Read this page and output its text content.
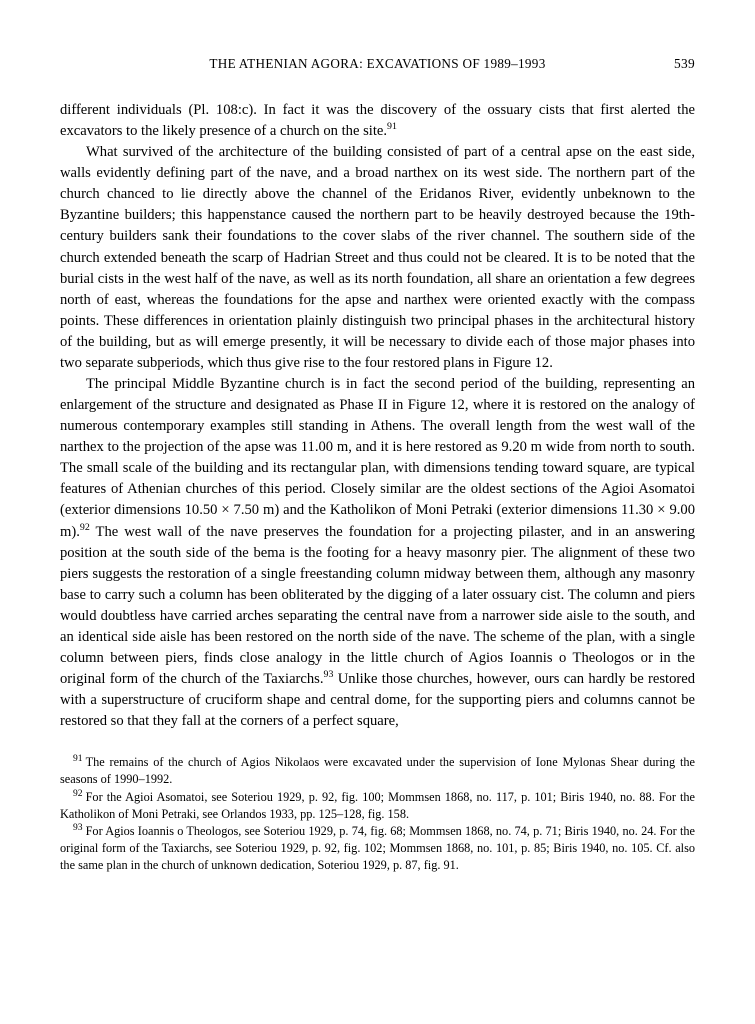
THE ATHENIAN AGORA: EXCAVATIONS OF 1989–1993	539

different individuals (Pl. 108:c). In fact it was the discovery of the ossuary cists that first alerted the excavators to the likely presence of a church on the site.$^{91}$

What survived of the architecture of the building consisted of part of a central apse on the east side, walls evidently defining part of the nave, and a broad narthex on its west side. The northern part of the church chanced to lie directly above the channel of the Eridanos River, evidently unbeknown to the Byzantine builders; this happenstance caused the northern part to be heavily destroyed because the 19th-century builders sank their foundations to the cover slabs of the river channel. The southern side of the church extended beneath the scarp of Hadrian Street and thus could not be cleared. It is to be noted that the burial cists in the west half of the nave, as well as its north foundation, all share an orientation a few degrees north of east, whereas the foundations for the apse and narthex were oriented exactly with the compass points. These differences in orientation plainly distinguish two principal phases in the architectural history of the building, but as will emerge presently, it will be necessary to divide each of those major phases into two separate subperiods, which thus give rise to the four restored plans in Figure 12.

The principal Middle Byzantine church is in fact the second period of the building, representing an enlargement of the structure and designated as Phase II in Figure 12, where it is restored on the analogy of numerous contemporary examples still standing in Athens. The overall length from the west wall of the narthex to the projection of the apse was 11.00 m, and it is here restored as 9.20 m wide from north to south. The small scale of the building and its rectangular plan, with dimensions tending toward square, are typical features of Athenian churches of this period. Closely similar are the oldest sections of the Agioi Asomatoi (exterior dimensions 10.50 × 7.50 m) and the Katholikon of Moni Petraki (exterior dimensions 11.30 × 9.00 m).$^{92}$ The west wall of the nave preserves the foundation for a projecting pilaster, and in an answering position at the south side of the bema is the footing for a heavy masonry pier. The alignment of these two piers suggests the restoration of a single freestanding column midway between them, although any masonry base to carry such a column has been obliterated by the digging of a later ossuary cist. The column and piers would doubtless have carried arches separating the central nave from a narrower side aisle to the south, and an identical side aisle has been restored on the north side of the nave. The scheme of the plan, with a single column between piers, finds close analogy in the little church of Agios Ioannis o Theologos or in the original form of the church of the Taxiarchs.$^{93}$ Unlike those churches, however, ours can hardly be restored with a superstructure of cruciform shape and central dome, for the supporting piers and columns cannot be restored so that they fall at the corners of a perfect square,

$^{91}$ The remains of the church of Agios Nikolaos were excavated under the supervision of Ione Mylonas Shear during the seasons of 1990–1992.

$^{92}$ For the Agioi Asomatoi, see Soteriou 1929, p. 92, fig. 100; Mommsen 1868, no. 117, p. 101; Biris 1940, no. 88. For the Katholikon of Moni Petraki, see Orlandos 1933, pp. 125–128, fig. 158.

$^{93}$ For Agios Ioannis o Theologos, see Soteriou 1929, p. 74, fig. 68; Mommsen 1868, no. 74, p. 71; Biris 1940, no. 24. For the original form of the Taxiarchs, see Soteriou 1929, p. 92, fig. 102; Mommsen 1868, no. 101, p. 85; Biris 1940, no. 105. Cf. also the same plan in the church of unknown dedication, Soteriou 1929, p. 87, fig. 91.
